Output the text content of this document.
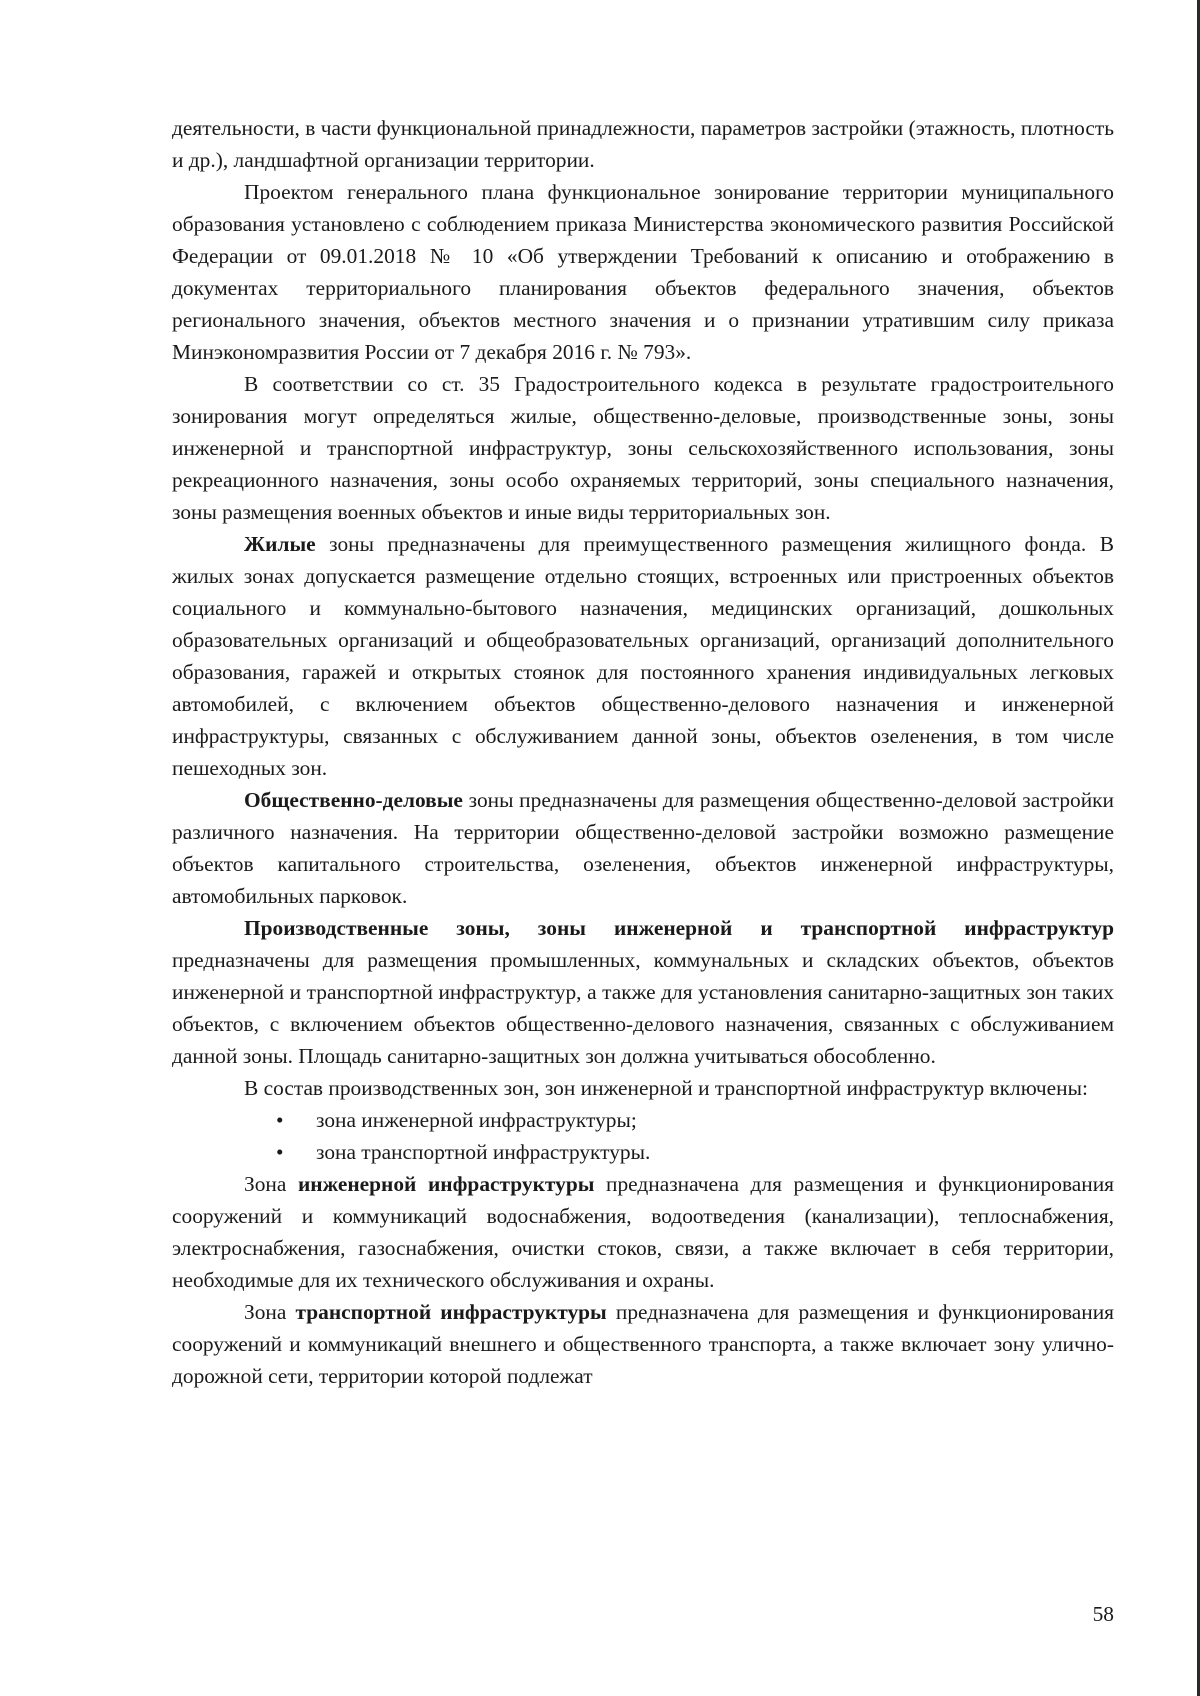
деятельности, в части функциональной принадлежности, параметров застройки (этажность, плотность и др.), ландшафтной организации территории.

Проектом генерального плана функциональное зонирование территории муниципального образования установлено с соблюдением приказа Министерства экономического развития Российской Федерации от 09.01.2018 № 10 «Об утверждении Требований к описанию и отображению в документах территориального планирования объектов федерального значения, объектов регионального значения, объектов местного значения и о признании утратившим силу приказа Минэкономразвития России от 7 декабря 2016 г. № 793».

В соответствии со ст. 35 Градостроительного кодекса в результате градостроительного зонирования могут определяться жилые, общественно-деловые, производственные зоны, зоны инженерной и транспортной инфраструктур, зоны сельскохозяйственного использования, зоны рекреационного назначения, зоны особо охраняемых территорий, зоны специального назначения, зоны размещения военных объектов и иные виды территориальных зон.

Жилые зоны предназначены для преимущественного размещения жилищного фонда. В жилых зонах допускается размещение отдельно стоящих, встроенных или пристроенных объектов социального и коммунально-бытового назначения, медицинских организаций, дошкольных образовательных организаций и общеобразовательных организаций, организаций дополнительного образования, гаражей и открытых стоянок для постоянного хранения индивидуальных легковых автомобилей, с включением объектов общественно-делового назначения и инженерной инфраструктуры, связанных с обслуживанием данной зоны, объектов озеленения, в том числе пешеходных зон.

Общественно-деловые зоны предназначены для размещения общественно-деловой застройки различного назначения. На территории общественно-деловой застройки возможно размещение объектов капитального строительства, озеленения, объектов инженерной инфраструктуры, автомобильных парковок.

Производственные зоны, зоны инженерной и транспортной инфраструктур предназначены для размещения промышленных, коммунальных и складских объектов, объектов инженерной и транспортной инфраструктур, а также для установления санитарно-защитных зон таких объектов, с включением объектов общественно-делового назначения, связанных с обслуживанием данной зоны. Площадь санитарно-защитных зон должна учитываться обособленно.

В состав производственных зон, зон инженерной и транспортной инфраструктур включены:

• зона инженерной инфраструктуры;
• зона транспортной инфраструктуры.

Зона инженерной инфраструктуры предназначена для размещения и функционирования сооружений и коммуникаций водоснабжения, водоотведения (канализации), теплоснабжения, электроснабжения, газоснабжения, очистки стоков, связи, а также включает в себя территории, необходимые для их технического обслуживания и охраны.

Зона транспортной инфраструктуры предназначена для размещения и функционирования сооружений и коммуникаций внешнего и общественного транспорта, а также включает зону улично-дорожной сети, территории которой подлежат

58
